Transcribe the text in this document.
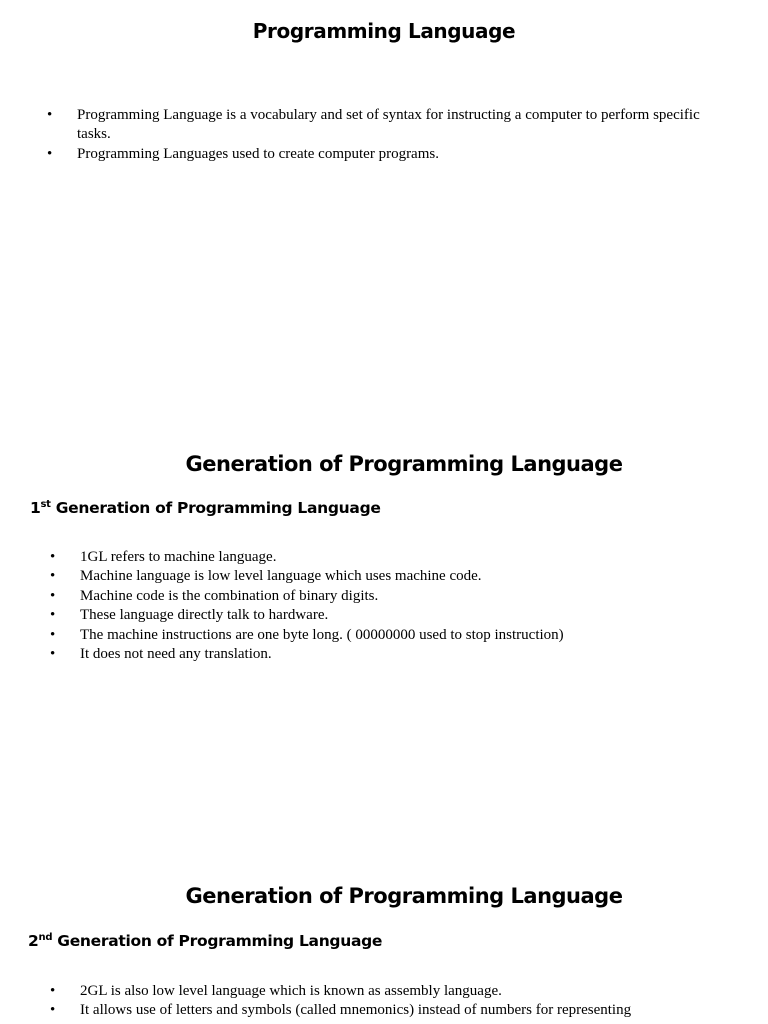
Programming Language
• Programming Language is a vocabulary and set of syntax for instructing a computer to perform specific tasks.
• Programming Languages used to create computer programs.
Generation of Programming Language
1st Generation of Programming Language
• 1GL refers to machine language.
• Machine language is low level language which uses machine code.
• Machine code is the combination of binary digits.
• These language directly talk to hardware.
• The machine instructions are one byte long. ( 00000000 used to stop instruction)
• It does not need any translation.
Generation of Programming Language
2nd Generation of Programming Language
• 2GL is also low level language which is known as assembly language.
• It allows use of letters and symbols (called mnemonics) instead of numbers for representing
